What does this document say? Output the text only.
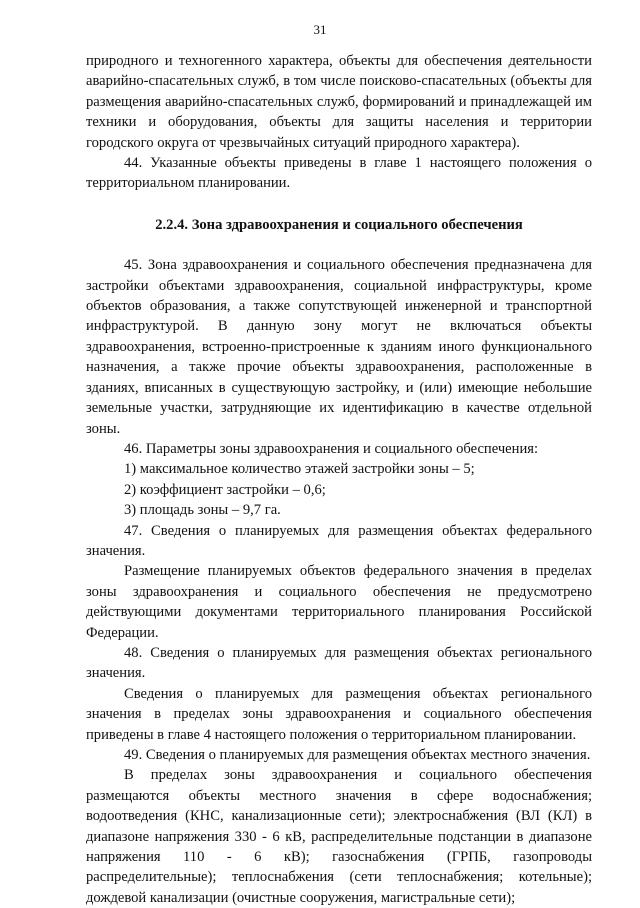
31

природного и техногенного характера, объекты для обеспечения деятельности аварийно-спасательных служб, в том числе поисково-спасательных (объекты для размещения аварийно-спасательных служб, формирований и принадлежащей им техники и оборудования, объекты для защиты населения и территории городского округа от чрезвычайных ситуаций природного характера).

44. Указанные объекты приведены в главе 1 настоящего положения о территориальном планировании.

2.2.4. Зона здравоохранения и социального обеспечения

45. Зона здравоохранения и социального обеспечения предназначена для застройки объектами здравоохранения, социальной инфраструктуры, кроме объектов образования, а также сопутствующей инженерной и транспортной инфраструктурой. В данную зону могут не включаться объекты здравоохранения, встроенно-пристроенные к зданиям иного функционального назначения, а также прочие объекты здравоохранения, расположенные в зданиях, вписанных в существующую застройку, и (или) имеющие небольшие земельные участки, затрудняющие их идентификацию в качестве отдельной зоны.

46. Параметры зоны здравоохранения и социального обеспечения:

1) максимальное количество этажей застройки зоны – 5;

2) коэффициент застройки – 0,6;

3) площадь зоны – 9,7 га.

47. Сведения о планируемых для размещения объектах федерального значения.

Размещение планируемых объектов федерального значения в пределах зоны здравоохранения и социального обеспечения не предусмотрено действующими документами территориального планирования Российской Федерации.

48. Сведения о планируемых для размещения объектах регионального значения.

Сведения о планируемых для размещения объектах регионального значения в пределах зоны здравоохранения и социального обеспечения приведены в главе 4 настоящего положения о территориальном планировании.

49. Сведения о планируемых для размещения объектах местного значения.

В пределах зоны здравоохранения и социального обеспечения размещаются объекты местного значения в сфере водоснабжения; водоотведения (КНС, канализационные сети); электроснабжения (ВЛ (КЛ) в диапазоне напряжения 330 - 6 кВ, распределительные подстанции в диапазоне напряжения 110 - 6 кВ); газоснабжения (ГРПБ, газопроводы распределительные); теплоснабжения (сети теплоснабжения; котельные); дождевой канализации (очистные сооружения, магистральные сети);
